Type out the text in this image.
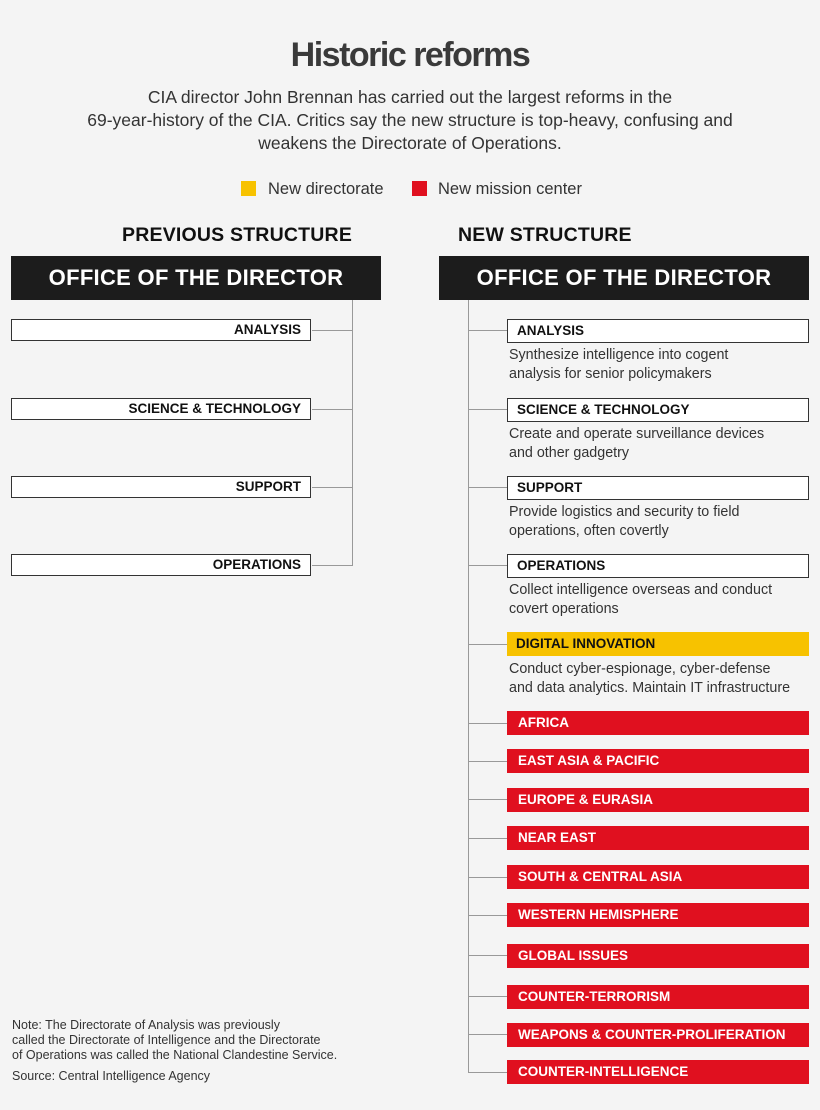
Historic reforms
CIA director John Brennan has carried out the largest reforms in the
69-year-history of the CIA. Critics say the new structure is top-heavy, confusing and
weakens the Directorate of Operations.
New directorate	New mission center
PREVIOUS STRUCTURE	NEW STRUCTURE
OFFICE OF THE DIRECTOR	OFFICE OF THE DIRECTOR
ANALYSIS
SCIENCE & TECHNOLOGY
SUPPORT
OPERATIONS
ANALYSIS
Synthesize intelligence into cogent
analysis for senior policymakers
SCIENCE & TECHNOLOGY
Create and operate surveillance devices
and other gadgetry
SUPPORT
Provide logistics and security to field
operations, often covertly
OPERATIONS
Collect intelligence overseas and conduct
covert operations
DIGITAL INNOVATION
Conduct cyber-espionage, cyber-defense
and data analytics. Maintain IT infrastructure
AFRICA
EAST ASIA & PACIFIC
EUROPE & EURASIA
NEAR EAST
SOUTH & CENTRAL ASIA
WESTERN HEMISPHERE
GLOBAL ISSUES
COUNTER-TERRORISM
WEAPONS & COUNTER-PROLIFERATION
COUNTER-INTELLIGENCE
Note: The Directorate of Analysis was previously
called the Directorate of Intelligence and the Directorate
of Operations was called the National Clandestine Service.
Source: Central Intelligence Agency
